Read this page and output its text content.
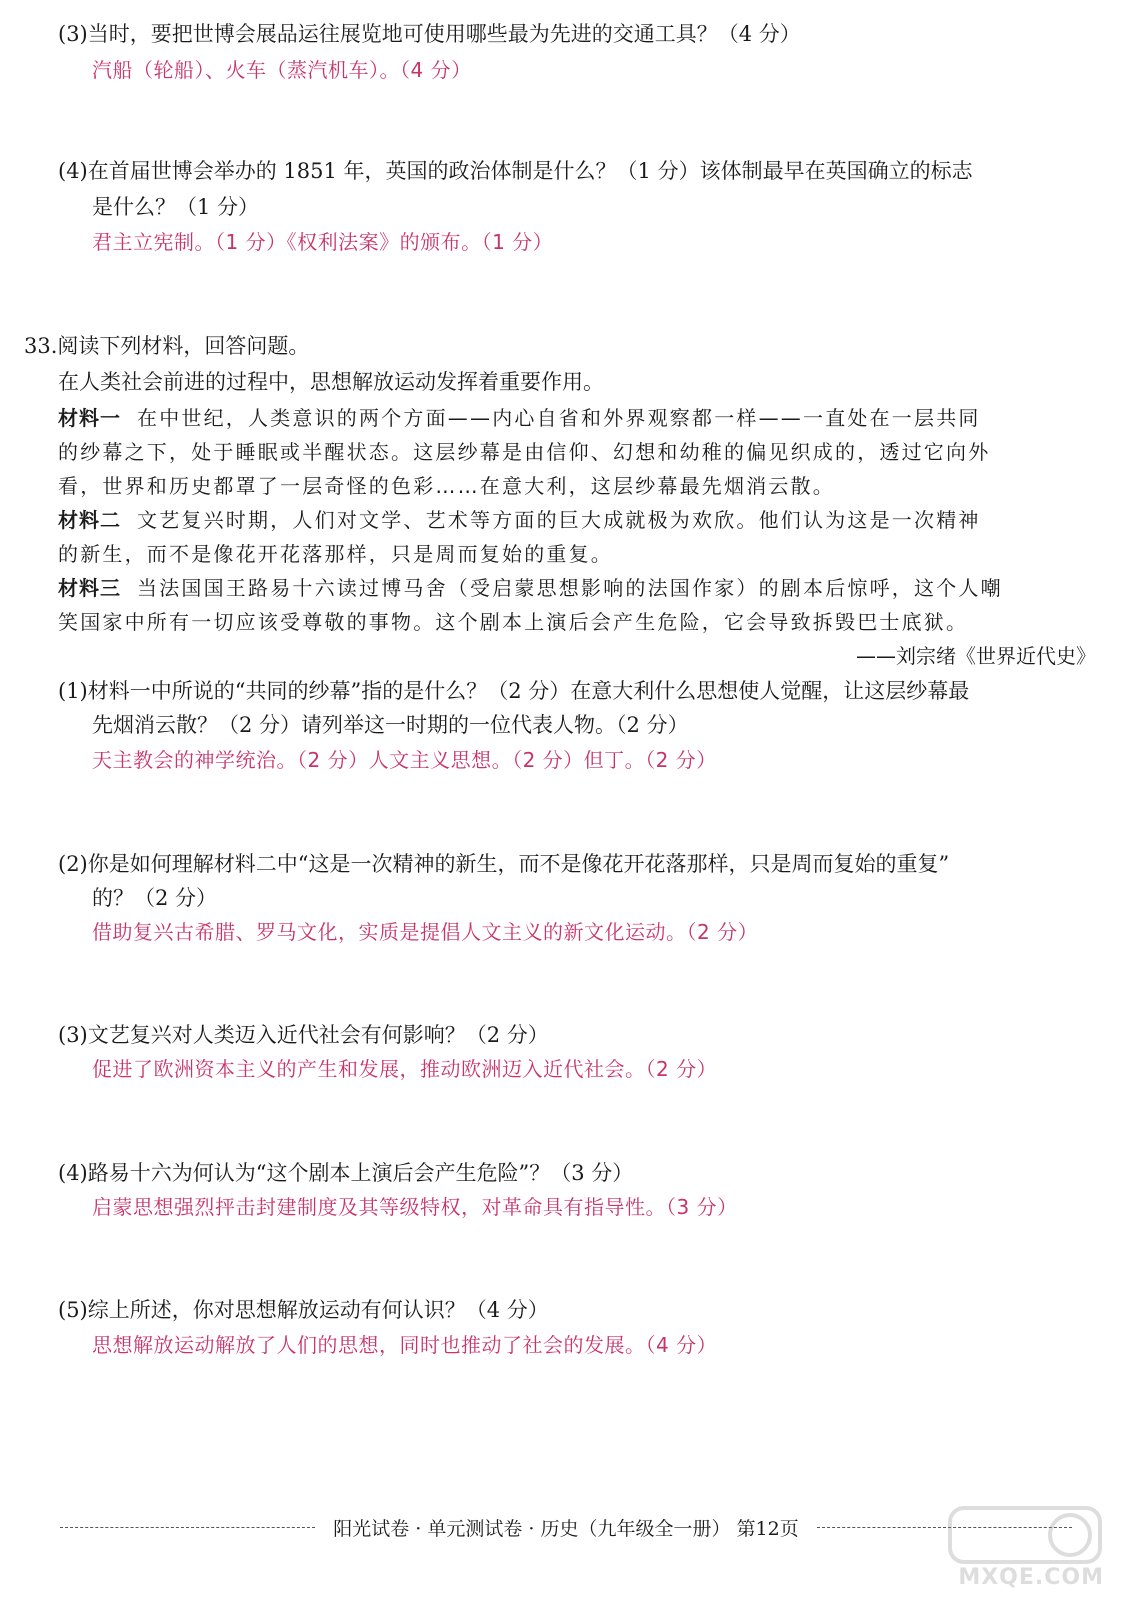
(3)当时，要把世博会展品运往展览地可使用哪些最为先进的交通工具？（4 分）
汽船（轮船）、火车（蒸汽机车）。（4 分）
(4)在首届世博会举办的 1851 年，英国的政治体制是什么？（1 分）该体制最早在英国确立的标志
是什么？（1 分）
君主立宪制。（1 分）《权利法案》的颁布。（1 分）
33.阅读下列材料，回答问题。
在人类社会前进的过程中，思想解放运动发挥着重要作用。
材料一 在中世纪，人类意识的两个方面——内心自省和外界观察都一样——一直处在一层共同
的纱幕之下，处于睡眠或半醒状态。这层纱幕是由信仰、幻想和幼稚的偏见织成的，透过它向外
看，世界和历史都罩了一层奇怪的色彩……在意大利，这层纱幕最先烟消云散。
材料二 文艺复兴时期，人们对文学、艺术等方面的巨大成就极为欢欣。他们认为这是一次精神
的新生，而不是像花开花落那样，只是周而复始的重复。
材料三 当法国国王路易十六读过博马舍（受启蒙思想影响的法国作家）的剧本后惊呼，这个人嘲
笑国家中所有一切应该受尊敬的事物。这个剧本上演后会产生危险，它会导致拆毁巴士底狱。
——刘宗绪《世界近代史》
(1)材料一中所说的“共同的纱幕”指的是什么？（2 分）在意大利什么思想使人觉醒，让这层纱幕最
先烟消云散？（2 分）请列举这一时期的一位代表人物。（2 分）
天主教会的神学统治。（2 分）人文主义思想。（2 分）但丁。（2 分）
(2)你是如何理解材料二中“这是一次精神的新生，而不是像花开花落那样，只是周而复始的重复”
的？（2 分）
借助复兴古希腊、罗马文化，实质是提倡人文主义的新文化运动。（2 分）
(3)文艺复兴对人类迈入近代社会有何影响？（2 分）
促进了欧洲资本主义的产生和发展，推动欧洲迈入近代社会。（2 分）
(4)路易十六为何认为“这个剧本上演后会产生危险”？（3 分）
启蒙思想强烈抨击封建制度及其等级特权，对革命具有指导性。（3 分）
(5)综上所述，你对思想解放运动有何认识？（4 分）
思想解放运动解放了人们的思想，同时也推动了社会的发展。（4 分）
阳光试卷 · 单元测试卷 · 历史（九年级全一册） 第12页
MXQE.COM
